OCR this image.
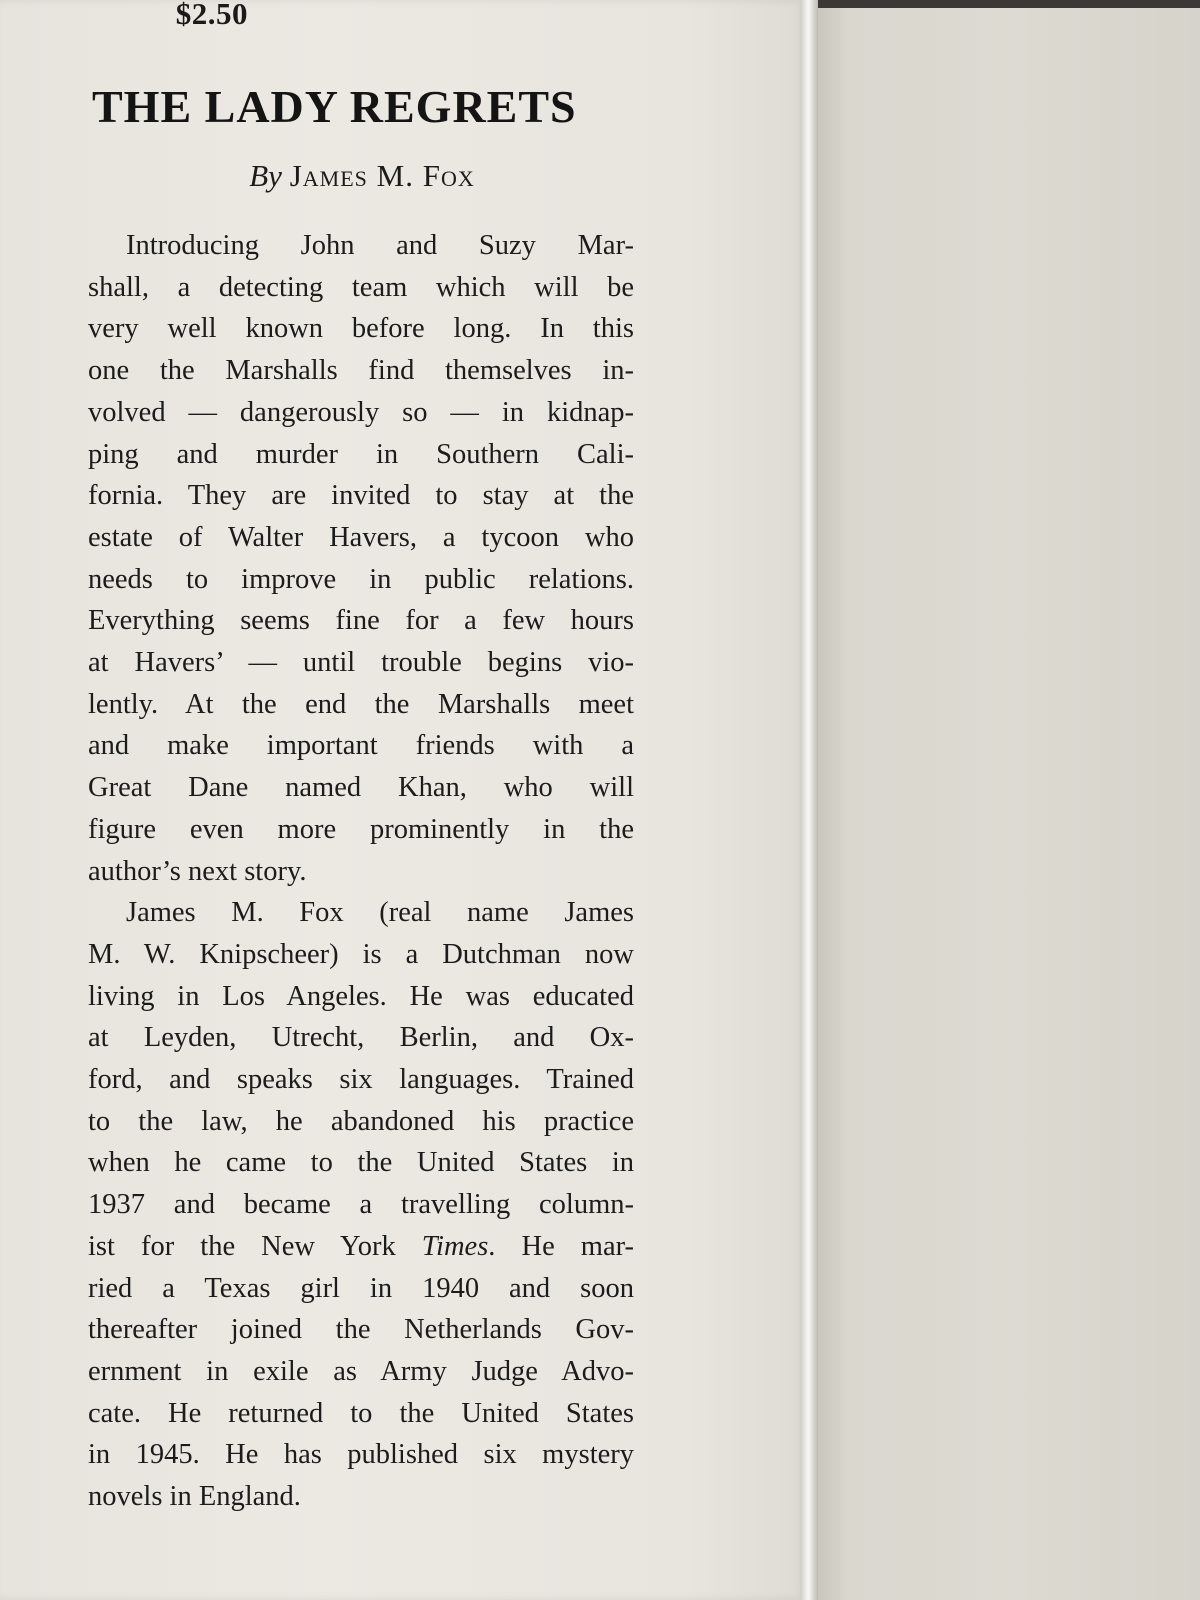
$2.50
THE LADY REGRETS
By James M. Fox
Introducing John and Suzy Mar-
shall, a detecting team which will be
very well known before long. In this
one the Marshalls find themselves in-
volved — dangerously so — in kidnap-
ping and murder in Southern Cali-
fornia. They are invited to stay at the
estate of Walter Havers, a tycoon who
needs to improve in public relations.
Everything seems fine for a few hours
at Havers’ — until trouble begins vio-
lently. At the end the Marshalls meet
and make important friends with a
Great Dane named Khan, who will
figure even more prominently in the
author’s next story.
James M. Fox (real name James
M. W. Knipscheer) is a Dutchman now
living in Los Angeles. He was educated
at Leyden, Utrecht, Berlin, and Ox-
ford, and speaks six languages. Trained
to the law, he abandoned his practice
when he came to the United States in
1937 and became a travelling column-
ist for the New York Times. He mar-
ried a Texas girl in 1940 and soon
thereafter joined the Netherlands Gov-
ernment in exile as Army Judge Advo-
cate. He returned to the United States
in 1945. He has published six mystery
novels in England.
